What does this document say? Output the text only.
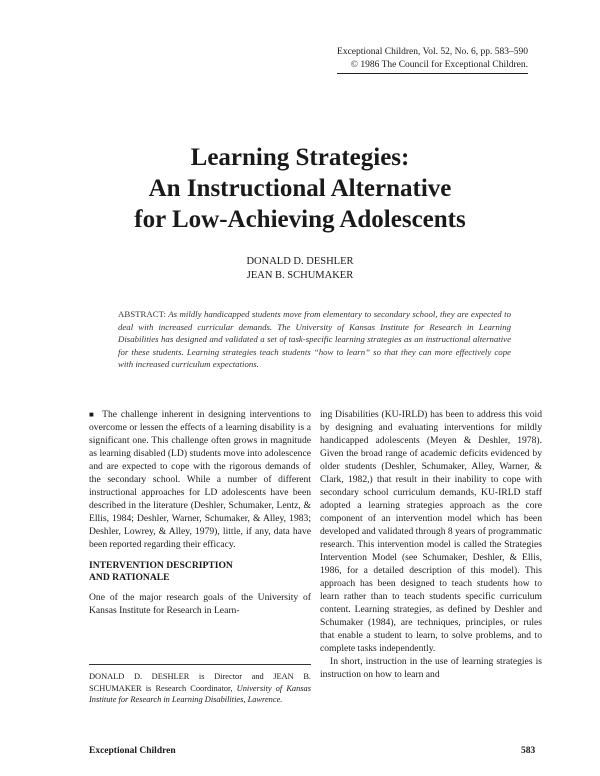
Exceptional Children, Vol. 52, No. 6, pp. 583–590
© 1986 The Council for Exceptional Children.
Learning Strategies:
An Instructional Alternative
for Low-Achieving Adolescents
DONALD D. DESHLER
JEAN B. SCHUMAKER
ABSTRACT: As mildly handicapped students move from elementary to secondary school, they are expected to deal with increased curricular demands. The University of Kansas Institute for Research in Learning Disabilities has designed and validated a set of task-specific learning strategies as an instructional alternative for these students. Learning strategies teach students “how to learn” so that they can more effectively cope with increased curriculum expectations.

■ The challenge inherent in designing interventions to overcome or lessen the effects of a learning disability is a significant one. This challenge often grows in magnitude as learning disabled (LD) students move into adolescence and are expected to cope with the rigorous demands of the secondary school. While a number of different instructional approaches for LD adolescents have been described in the literature (Deshler, Schumaker, Lentz, & Ellis, 1984; Deshler, Warner, Schumaker, & Alley, 1983; Deshler, Lowrey, & Alley, 1979), little, if any, data have been reported regarding their efficacy.

INTERVENTION DESCRIPTION
AND RATIONALE

One of the major research goals of the University of Kansas Institute for Research in Learn-

ing Disabilities (KU-IRLD) has been to address this void by designing and evaluating interventions for mildly handicapped adolescents (Meyen & Deshler, 1978). Given the broad range of academic deficits evidenced by older students (Deshler, Schumaker, Alley, Warner, & Clark, 1982,) that result in their inability to cope with secondary school curriculum demands, KU-IRLD staff adopted a learning strategies approach as the core component of an intervention model which has been developed and validated through 8 years of programmatic research. This intervention model is called the Strategies Intervention Model (see Schumaker, Deshler, & Ellis, 1986, for a detailed description of this model). This approach has been designed to teach students how to learn rather than to teach students specific curriculum content. Learning strategies, as defined by Deshler and Schumaker (1984), are techniques, principles, or rules that enable a student to learn, to solve problems, and to complete tasks independently.

In short, instruction in the use of learning strategies is instruction on how to learn and

DONALD D. DESHLER is Director and JEAN B. SCHUMAKER is Research Coordinator, University of Kansas Institute for Research in Learning Disabilities, Lawrence.
Exceptional Children	583
